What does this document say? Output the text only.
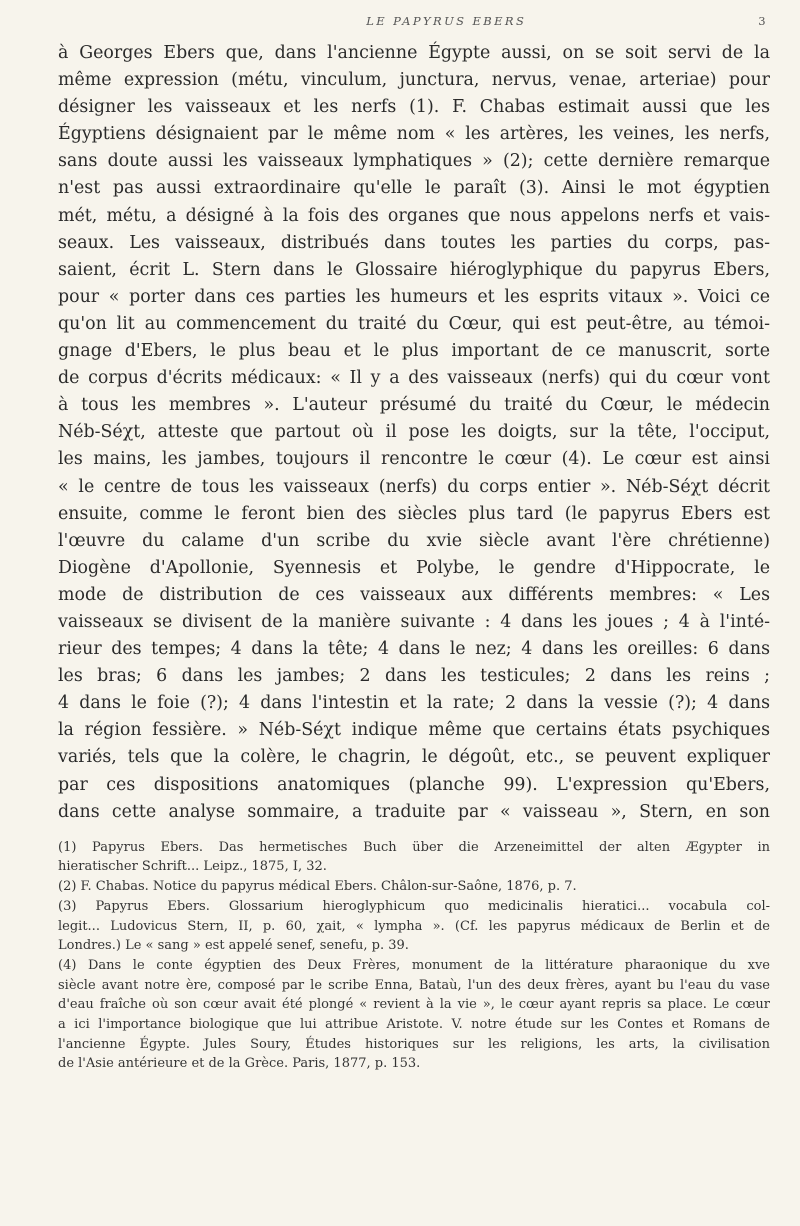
LE PAPYRUS EBERS	3
à Georges Ebers que, dans l'ancienne Égypte aussi, on se soit servi de la
même expression (métu, vinculum, junctura, nervus, venae, arteriae) pour
désigner les vaisseaux et les nerfs (1). F. Chabas estimait aussi que les
Égyptiens désignaient par le même nom « les artères, les veines, les nerfs,
sans doute aussi les vaisseaux lymphatiques » (2); cette dernière remarque
n'est pas aussi extraordinaire qu'elle le paraît (3). Ainsi le mot égyptien
mét, métu, a désigné à la fois des organes que nous appelons nerfs et vais-
seaux. Les vaisseaux, distribués dans toutes les parties du corps, pas-
saient, écrit L. Stern dans le Glossaire hiéroglyphique du papyrus Ebers,
pour « porter dans ces parties les humeurs et les esprits vitaux ». Voici ce
qu'on lit au commencement du traité du Cœur, qui est peut-être, au témoi-
gnage d'Ebers, le plus beau et le plus important de ce manuscrit, sorte
de corpus d'écrits médicaux: « Il y a des vaisseaux (nerfs) qui du cœur vont
à tous les membres ». L'auteur présumé du traité du Cœur, le médecin
Néb-Séχt, atteste que partout où il pose les doigts, sur la tête, l'occiput,
les mains, les jambes, toujours il rencontre le cœur (4). Le cœur est ainsi
« le centre de tous les vaisseaux (nerfs) du corps entier ». Néb-Séχt décrit
ensuite, comme le feront bien des siècles plus tard (le papyrus Ebers est
l'œuvre du calame d'un scribe du xvie siècle avant l'ère chrétienne)
Diogène d'Apollonie, Syennesis et Polybe, le gendre d'Hippocrate, le
mode de distribution de ces vaisseaux aux différents membres: « Les
vaisseaux se divisent de la manière suivante : 4 dans les joues ; 4 à l'inté-
rieur des tempes; 4 dans la tête; 4 dans le nez; 4 dans les oreilles: 6 dans
les bras; 6 dans les jambes; 2 dans les testicules; 2 dans les reins ;
4 dans le foie (?); 4 dans l'intestin et la rate; 2 dans la vessie (?); 4 dans
la région fessière. » Néb-Séχt indique même que certains états psychiques
variés, tels que la colère, le chagrin, le dégoût, etc., se peuvent expliquer
par ces dispositions anatomiques (planche 99). L'expression qu'Ebers,
dans cette analyse sommaire, a traduite par « vaisseau », Stern, en son
(1) Papyrus Ebers. Das hermetisches Buch über die Arzeneimittel der alten Ægypter in
hieratischer Schrift... Leipz., 1875, I, 32.
(2) F. Chabas. Notice du papyrus médical Ebers. Châlon-sur-Saône, 1876, p. 7.
(3) Papyrus Ebers. Glossarium hieroglyphicum quo medicinalis hieratici... vocabula col-
legit... Ludovicus Stern, II, p. 60, χait, « lympha ». (Cf. les papyrus médicaux de Berlin et de
Londres.) Le « sang » est appelé senef, senefu, p. 39.
(4) Dans le conte égyptien des Deux Frères, monument de la littérature pharaonique du xve
siècle avant notre ère, composé par le scribe Enna, Bataù, l'un des deux frères, ayant bu l'eau du vase
d'eau fraîche où son cœur avait été plongé « revient à la vie », le cœur ayant repris sa place. Le cœur
a ici l'importance biologique que lui attribue Aristote. V. notre étude sur les Contes et Romans de
l'ancienne Égypte. Jules Soury, Études historiques sur les religions, les arts, la civilisation
de l'Asie antérieure et de la Grèce. Paris, 1877, p. 153.
